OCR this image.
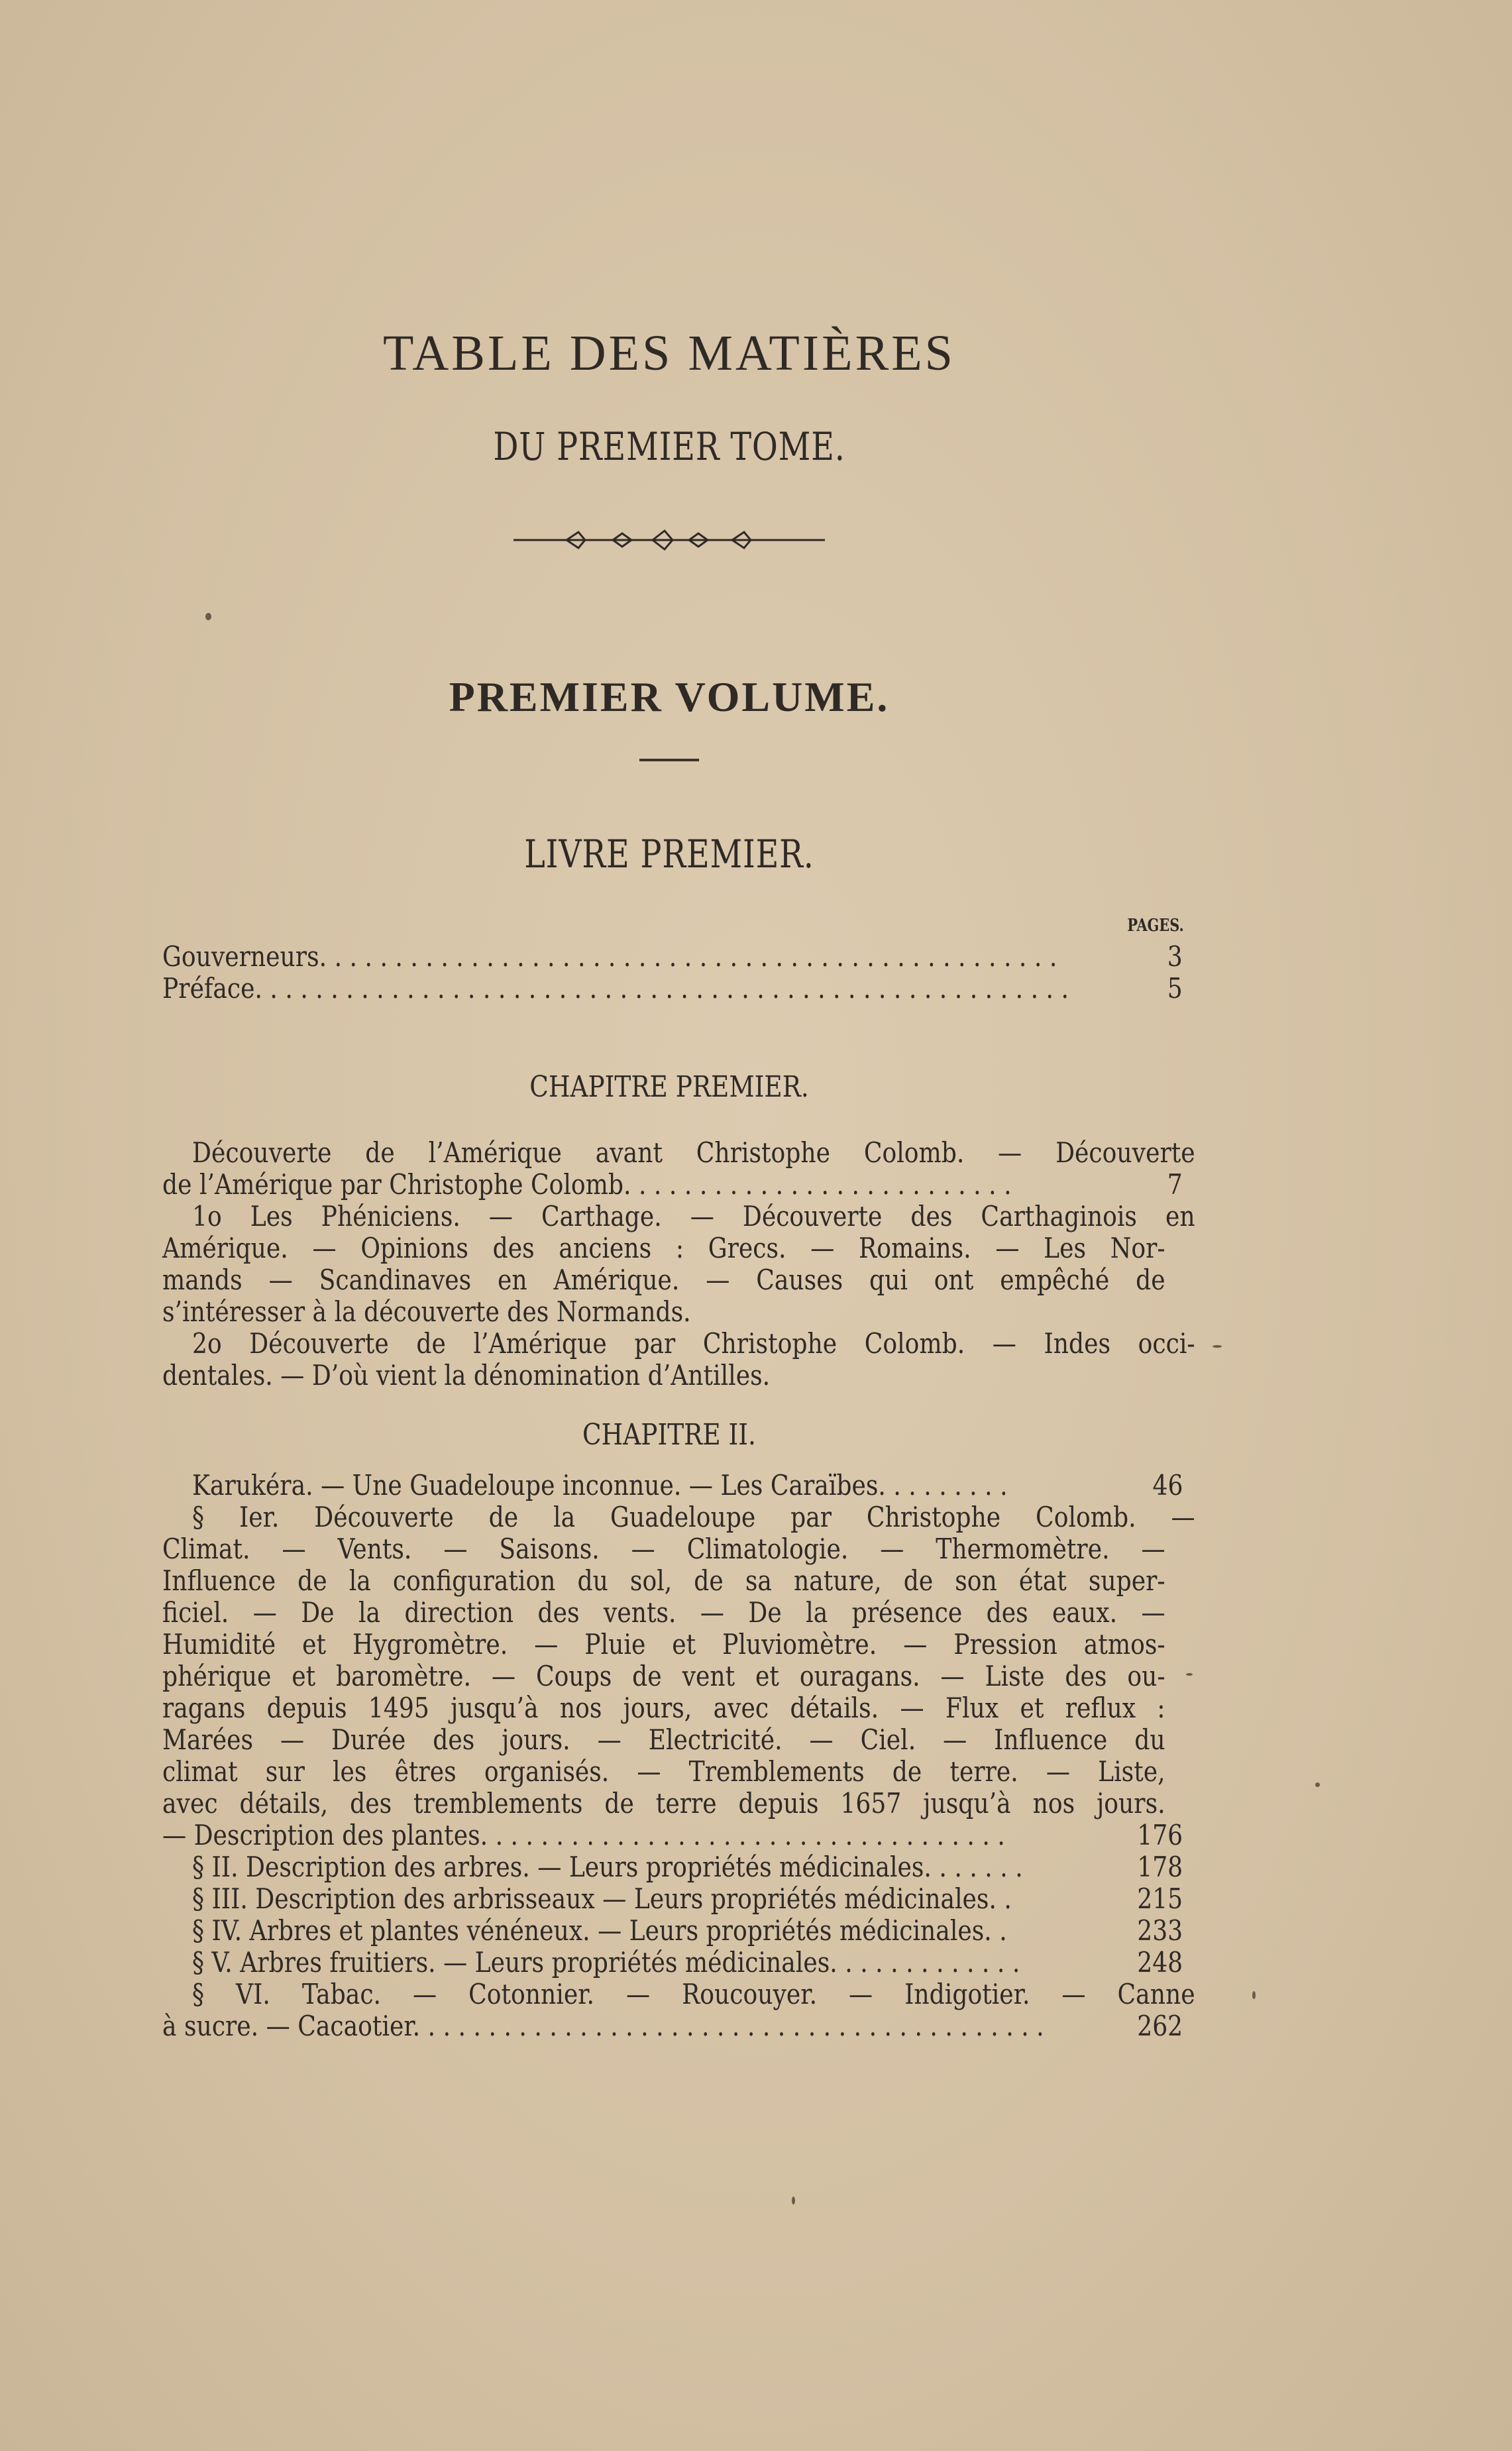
TABLE DES MATIÈRES
DU PREMIER TOME.
PREMIER VOLUME.
LIVRE PREMIER.
PAGES.
Gouverneurs. . . . . . . . . . . . . . . . . . . . . . . . . . . . . . . . . . . . . . . . . . . . . . . . .	3
Préface. . . . . . . . . . . . . . . . . . . . . . . . . . . . . . . . . . . . . . . . . . . . . . . . . . . . . .	5
CHAPITRE PREMIER.
Découverte de l’Amérique avant Christophe Colomb. — Découverte
de l’Amérique par Christophe Colomb. . . . . . . . . . . . . . . . . . . . . . . . . .	7
1o Les Phéniciens. — Carthage. — Découverte des Carthaginois en
Amérique. — Opinions des anciens : Grecs. — Romains. — Les Nor-
mands — Scandinaves en Amérique. — Causes qui ont empêché de
s’intéresser à la découverte des Normands.
2o Découverte de l’Amérique par Christophe Colomb. — Indes occi-
dentales. — D’où vient la dénomination d’Antilles.
CHAPITRE II.
Karukéra. — Une Guadeloupe inconnue. — Les Caraïbes. . . . . . . . .	46
§ Ier. Découverte de la Guadeloupe par Christophe Colomb. —
Climat. — Vents. — Saisons. — Climatologie. — Thermomètre. —
Influence de la configuration du sol, de sa nature, de son état super-
ficiel. — De la direction des vents. — De la présence des eaux. —
Humidité et Hygromètre. — Pluie et Pluviomètre. — Pression atmos-
phérique et baromètre. — Coups de vent et ouragans. — Liste des ou-
ragans depuis 1495 jusqu’à nos jours, avec détails. — Flux et reflux :
Marées — Durée des jours. — Electricité. — Ciel. — Influence du
climat sur les êtres organisés. — Tremblements de terre. — Liste,
avec détails, des tremblements de terre depuis 1657 jusqu’à nos jours.
— Description des plantes. . . . . . . . . . . . . . . . . . . . . . . . . . . . . . . . . . .	176
§ II. Description des arbres. — Leurs propriétés médicinales. . . . . . .	178
§ III. Description des arbrisseaux — Leurs propriétés médicinales. .	215
§ IV. Arbres et plantes vénéneux. — Leurs propriétés médicinales. .	233
§ V. Arbres fruitiers. — Leurs propriétés médicinales. . . . . . . . . . . . .	248
§ VI. Tabac. — Cotonnier. — Roucouyer. — Indigotier. — Canne
à sucre. — Cacaotier. . . . . . . . . . . . . . . . . . . . . . . . . . . . . . . . . . . . . . . . . .	262
